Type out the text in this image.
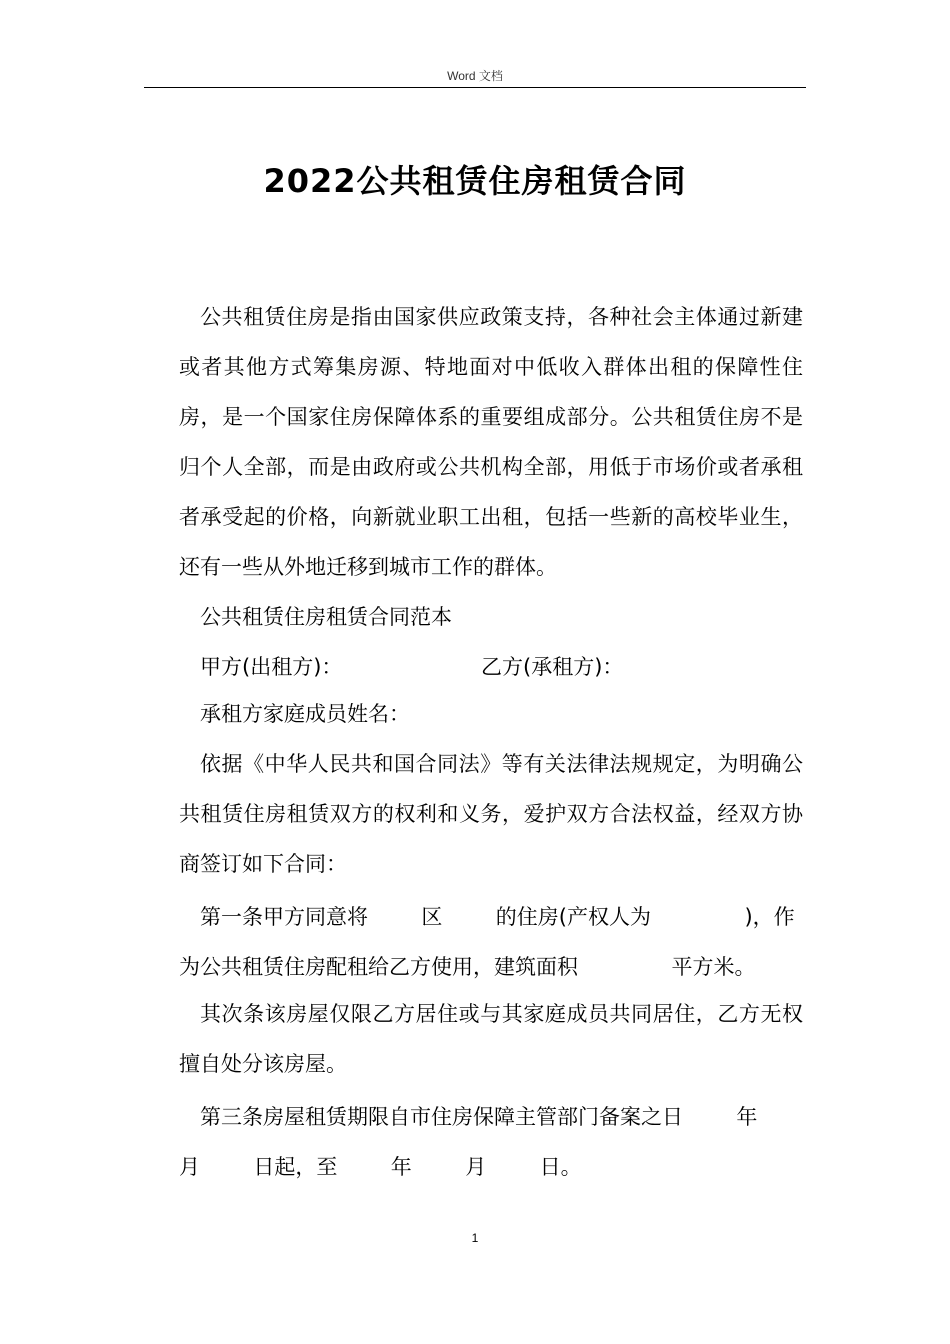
Word 文档
2022公共租赁住房租赁合同

公共租赁住房是指由国家供应政策支持，各种社会主体通过新建或者其他方式筹集房源、特地面对中低收入群体出租的保障性住房，是一个国家住房保障体系的重要组成部分。公共租赁住房不是归个人全部，而是由政府或公共机构全部，用低于市场价或者承租者承受起的价格，向新就业职工出租，包括一些新的高校毕业生，还有一些从外地迁移到城市工作的群体。

公共租赁住房租赁合同范本

甲方(出租方)：	乙方(承租方)：

承租方家庭成员姓名：

依据《中华人民共和国合同法》等有关法律法规规定，为明确公共租赁住房租赁双方的权利和义务，爱护双方合法权益，经双方协商签订如下合同：

第一条甲方同意将        区        的住房(产权人为              )，作
为公共租赁住房配租给乙方使用，建筑面积              平方米。

其次条该房屋仅限乙方居住或与其家庭成员共同居住，乙方无权擅自处分该房屋。

第三条房屋租赁期限自市住房保障主管部门备案之日        年
月        日起，至        年        月        日。
1
